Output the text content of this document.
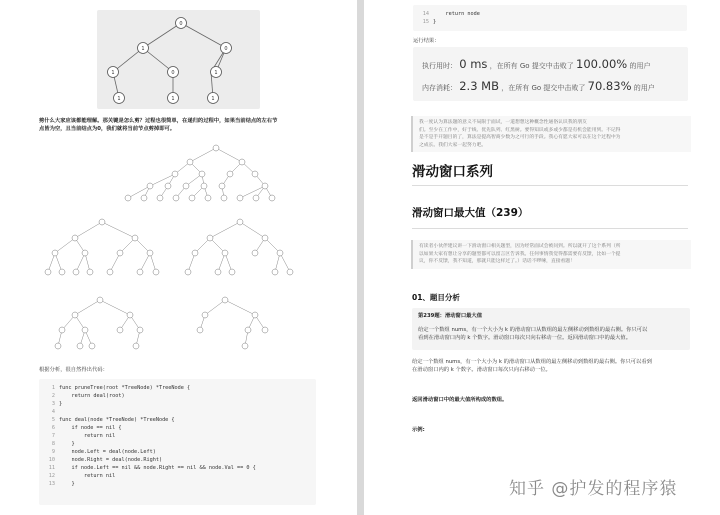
0
1	0
1	0	1
1	1	1
剪什么大家应该都能理解。那关键是怎么剪？过程也很简单，在递归的过程中，如果当前结点的左右节
点皆为空，且当前结点为0，我们就将当前节点剪掉即可。
根据分析，很自然得出代码：
1 func pruneTree(root *TreeNode) *TreeNode {
2 return deal(root)
3 }
4
5 func deal(node *TreeNode) *TreeNode {
6 if node == nil {
7 return nil
8 }
9 node.Left = deal(node.Left)
10 node.Right = deal(node.Right)
11 if node.Left == nil && node.Right == nil && node.Val == 0 {
12 return nil
13 }
14 return node
15 }
运行结果：
执行用时： 0 ms ，在所有 Go 提交中击败了 100.00% 的用户
内存消耗： 2.3 MB ，在所有 Go 提交中击败了 70.83% 的用户
我一度认为算法题的意义不局限于面试，一道想想这种概念性通俗认识我的朋友
们。至少在工作中，好于线、优先队列、红黑树。要得知识或多或少都是有机会能用到。不记得
是不是手开题目的了，算法是提高智商少数为之可行的手段。我心有愿大家可以在这个过程中为
之成长。我们大家一起努力吧。
滑动窗口系列
滑动窗口最大值（239）
有读者小伙伴建议讲一下滑动窗口相关题型，因为经常面试会被问到。所以就开了这个系列（所
以如果大家有想让分享的题型都可以留言区告诉我。任何事情我觉得都需要有反馈，比如一个提
议，你不反馈，我不知道，那就只能这样过了。）话话不啰嗦，直接看题！
01、题目分析
第239题：滑动窗口最大值
给定一个数组 nums，有一个大小为 k 的滑动窗口从数组的最左侧移动到数组的最右侧。你只可以
看到在滑动窗口内的 k 个数字。滑动窗口每次只向右移动一位。返回滑动窗口中的最大值。
给定一个数组 nums，有一个大小为 k 的滑动窗口从数组的最左侧移动到数组的最右侧。你只可以看到
在滑动窗口内的 k 个数字。滑动窗口每次只向右移动一位。
返回滑动窗口中的最大值所构成的数组。
示例:
知乎 @护发的程序猿
